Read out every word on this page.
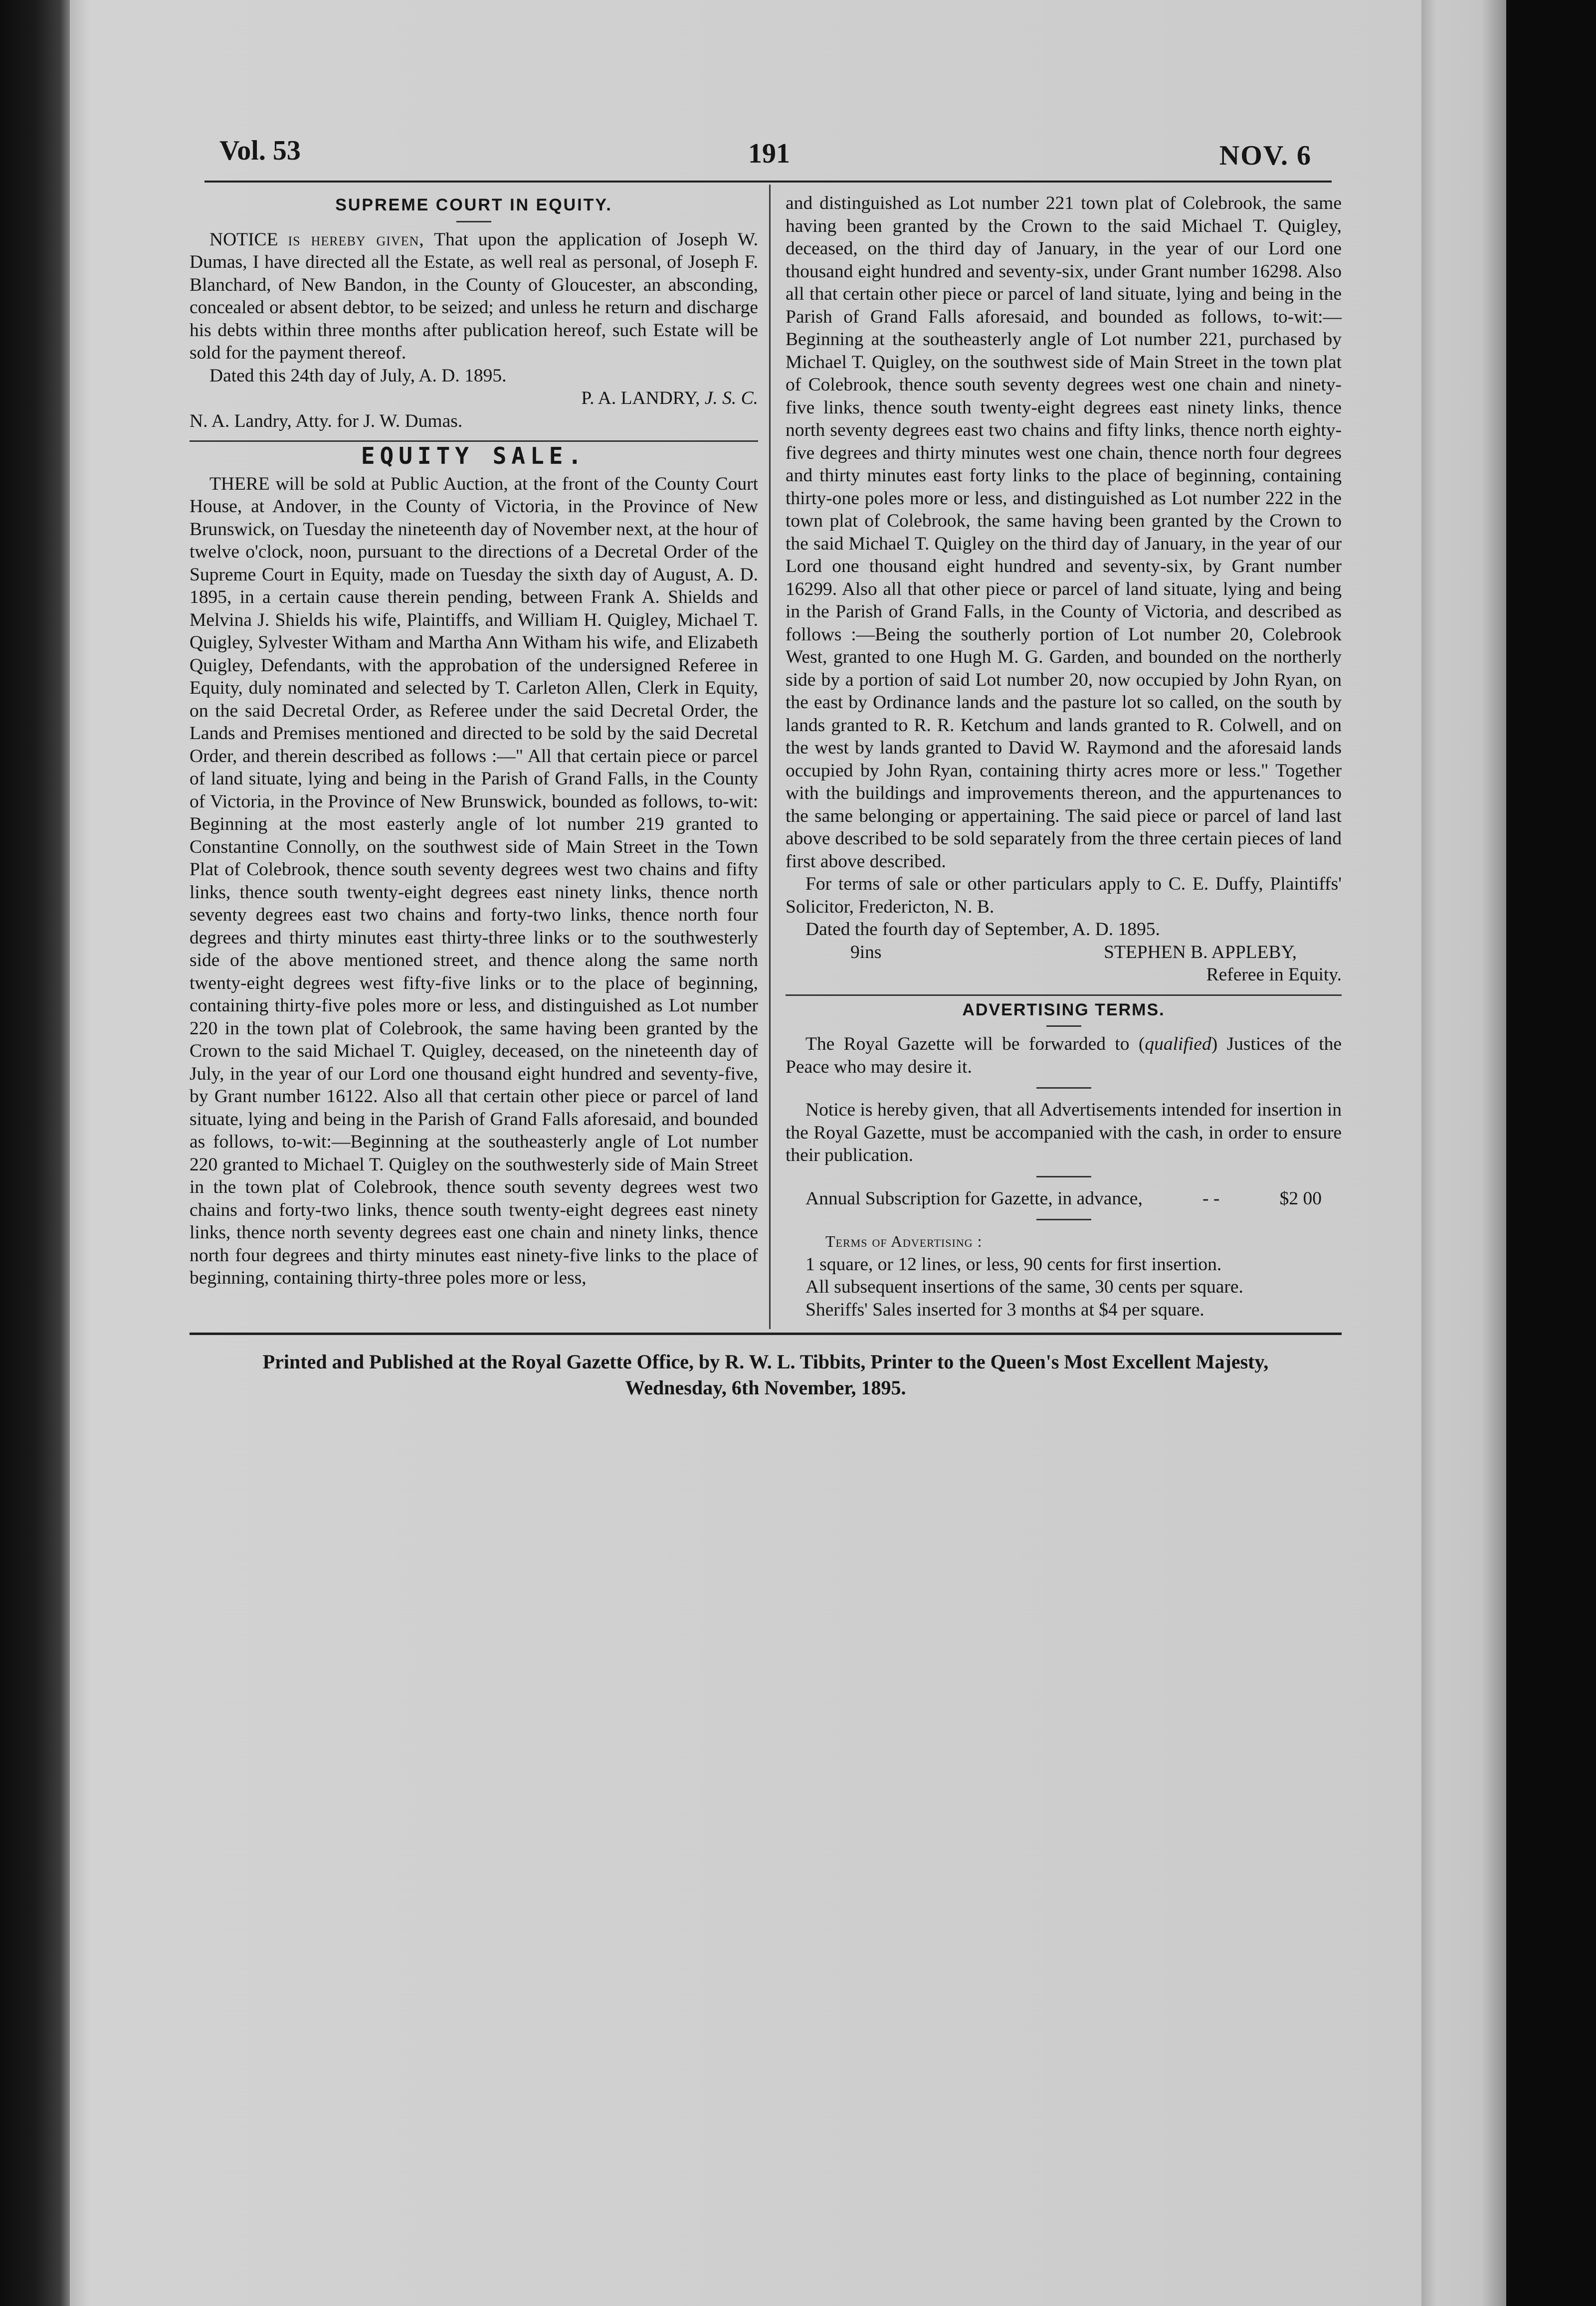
Vol. 53	191	NOV. 6
SUPREME COURT IN EQUITY.

NOTICE is hereby given, That upon the application of Joseph W. Dumas, I have directed all the Estate, as well real as personal, of Joseph F. Blanchard, of New Bandon, in the County of Gloucester, an absconding, concealed or absent debtor, to be seized; and unless he return and discharge his debts within three months after publication hereof, such Estate will be sold for the payment thereof.

Dated this 24th day of July, A. D. 1895.

P. A. LANDRY, J. S. C.

N. A. Landry, Atty. for J. W. Dumas.

EQUITY SALE.

THERE will be sold at Public Auction, at the front of the County Court House, at Andover, in the County of Victoria, in the Province of New Brunswick, on Tuesday the nineteenth day of November next, at the hour of twelve o'clock, noon, pursuant to the directions of a Decretal Order of the Supreme Court in Equity, made on Tuesday the sixth day of August, A. D. 1895, in a certain cause therein pending, between Frank A. Shields and Melvina J. Shields his wife, Plaintiffs, and William H. Quigley, Michael T. Quigley, Sylvester Witham and Martha Ann Witham his wife, and Elizabeth Quigley, Defendants, with the approbation of the undersigned Referee in Equity, duly nominated and selected by T. Carleton Allen, Clerk in Equity, on the said Decretal Order, as Referee under the said Decretal Order, the Lands and Premises mentioned and directed to be sold by the said Decretal Order, and therein described as follows :—" All that certain piece or parcel of land situate, lying and being in the Parish of Grand Falls, in the County of Victoria, in the Province of New Brunswick, bounded as follows, to-wit: Beginning at the most easterly angle of lot number 219 granted to Constantine Connolly, on the southwest side of Main Street in the Town Plat of Colebrook, thence south seventy degrees west two chains and fifty links, thence south twenty-eight degrees east ninety links, thence north seventy degrees east two chains and forty-two links, thence north four degrees and thirty minutes east thirty-three links or to the southwesterly side of the above mentioned street, and thence along the same north twenty-eight degrees west fifty-five links or to the place of beginning, containing thirty-five poles more or less, and distinguished as Lot number 220 in the town plat of Colebrook, the same having been granted by the Crown to the said Michael T. Quigley, deceased, on the nineteenth day of July, in the year of our Lord one thousand eight hundred and seventy-five, by Grant number 16122. Also all that certain other piece or parcel of land situate, lying and being in the Parish of Grand Falls aforesaid, and bounded as follows, to-wit:—Beginning at the southeasterly angle of Lot number 220 granted to Michael T. Quigley on the southwesterly side of Main Street in the town plat of Colebrook, thence south seventy degrees west two chains and forty-two links, thence south twenty-eight degrees east ninety links, thence north seventy degrees east one chain and ninety links, thence north four degrees and thirty minutes east ninety-five links to the place of beginning, containing thirty-three poles more or less,

and distinguished as Lot number 221 town plat of Colebrook, the same having been granted by the Crown to the said Michael T. Quigley, deceased, on the third day of January, in the year of our Lord one thousand eight hundred and seventy-six, under Grant number 16298. Also all that certain other piece or parcel of land situate, lying and being in the Parish of Grand Falls aforesaid, and bounded as follows, to-wit:—Beginning at the southeasterly angle of Lot number 221, purchased by Michael T. Quigley, on the southwest side of Main Street in the town plat of Colebrook, thence south seventy degrees west one chain and ninety-five links, thence south twenty-eight degrees east ninety links, thence north seventy degrees east two chains and fifty links, thence north eighty-five degrees and thirty minutes west one chain, thence north four degrees and thirty minutes east forty links to the place of beginning, containing thirty-one poles more or less, and distinguished as Lot number 222 in the town plat of Colebrook, the same having been granted by the Crown to the said Michael T. Quigley on the third day of January, in the year of our Lord one thousand eight hundred and seventy-six, by Grant number 16299. Also all that other piece or parcel of land situate, lying and being in the Parish of Grand Falls, in the County of Victoria, and described as follows :—Being the southerly portion of Lot number 20, Colebrook West, granted to one Hugh M. G. Garden, and bounded on the northerly side by a portion of said Lot number 20, now occupied by John Ryan, on the east by Ordinance lands and the pasture lot so called, on the south by lands granted to R. R. Ketchum and lands granted to R. Colwell, and on the west by lands granted to David W. Raymond and the aforesaid lands occupied by John Ryan, containing thirty acres more or less." Together with the buildings and improvements thereon, and the appurtenances to the same belonging or appertaining. The said piece or parcel of land last above described to be sold separately from the three certain pieces of land first above described.

For terms of sale or other particulars apply to C. E. Duffy, Plaintiffs' Solicitor, Fredericton, N. B.

Dated the fourth day of September, A. D. 1895.

9ins	STEPHEN B. APPLEBY,

Referee in Equity.

ADVERTISING TERMS.

The Royal Gazette will be forwarded to (qualified) Justices of the Peace who may desire it.

Notice is hereby given, that all Advertisements intended for insertion in the Royal Gazette, must be accompanied with the cash, in order to ensure their publication.

Annual Subscription for Gazette, in advance,	- -	$2 00

Terms of Advertising :

1 square, or 12 lines, or less, 90 cents for first insertion.

All subsequent insertions of the same, 30 cents per square.

Sheriffs' Sales inserted for 3 months at $4 per square.

Printed and Published at the Royal Gazette Office, by R. W. L. Tibbits, Printer to the Queen's Most Excellent Majesty,
Wednesday, 6th November, 1895.
